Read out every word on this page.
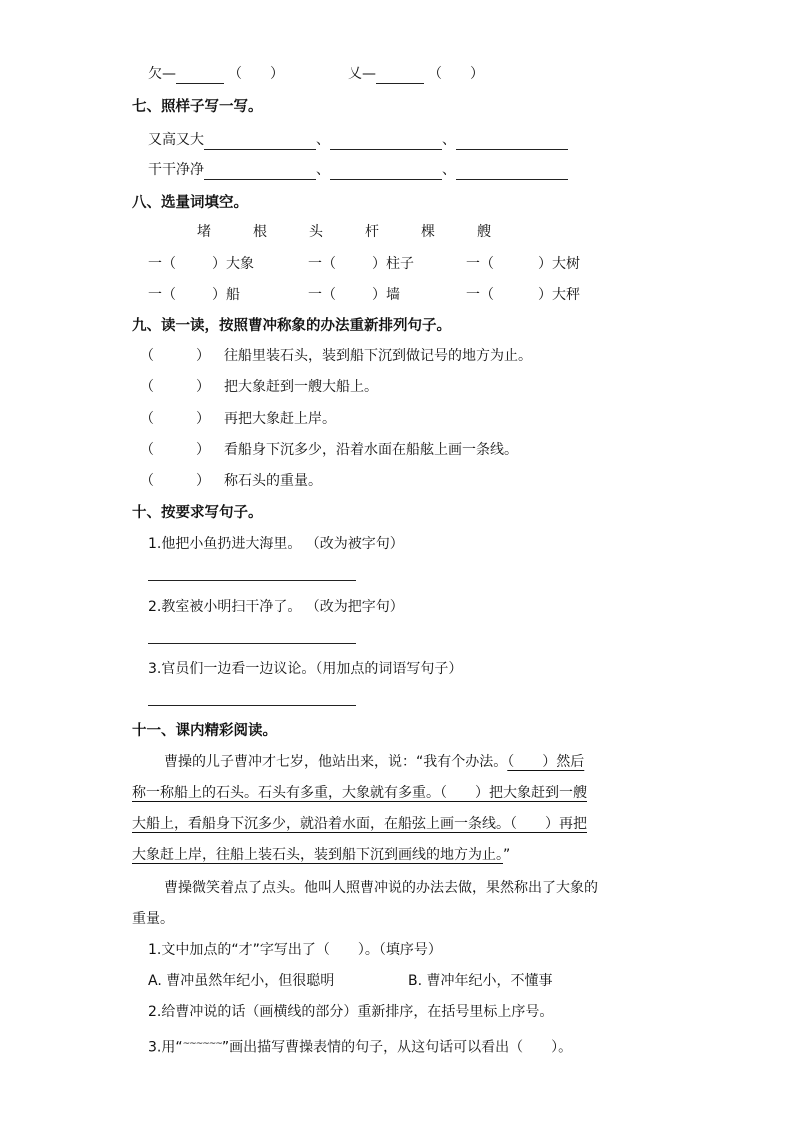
欠—	（　　）	乂—	（　　）
七、照样子写一写。
又高又大	、	、
干干净净	、	、
八、选量词填空。
堵	根	头	杆	棵	艘
一（	）大象	一（	）柱子	一（	）大树
一（	）船	一（	）墙	一（	）大秤
九、读一读，按照曹冲称象的办法重新排列句子。
（　　　） 往船里装石头，装到船下沉到做记号的地方为止。
（　　　） 把大象赶到一艘大船上。
（　　　） 再把大象赶上岸。
（　　　） 看船身下沉多少，沿着水面在船舷上画一条线。
（　　　） 称石头的重量。
十、按要求写句子。
1.他把小鱼扔进大海里。 （改为被字句）
2.教室被小明扫干净了。 （改为把字句）
3.官员们一边看一边议论。（用加点的词语写句子）
十一、课内精彩阅读。
曹操的儿子曹冲才七岁，他站出来，说：“我有个办法。（　　）然后
称一称船上的石头。石头有多重，大象就有多重。（　　）把大象赶到一艘
大船上，看船身下沉多少，就沿着水面，在船弦上画一条线。（　　）再把
大象赶上岸，往船上装石头，装到船下沉到画线的地方为止。”
曹操微笑着点了点头。他叫人照曹冲说的办法去做，果然称出了大象的
重量。
1.文中加点的“才”字写出了（　　）。（填序号）
A. 曹冲虽然年纪小，但很聪明	B. 曹冲年纪小，不懂事
2.给曹冲说的话（画横线的部分）重新排序，在括号里标上序号。
3.用“~~~~~~”画出描写曹操表情的句子，从这句话可以看出（　　）。
